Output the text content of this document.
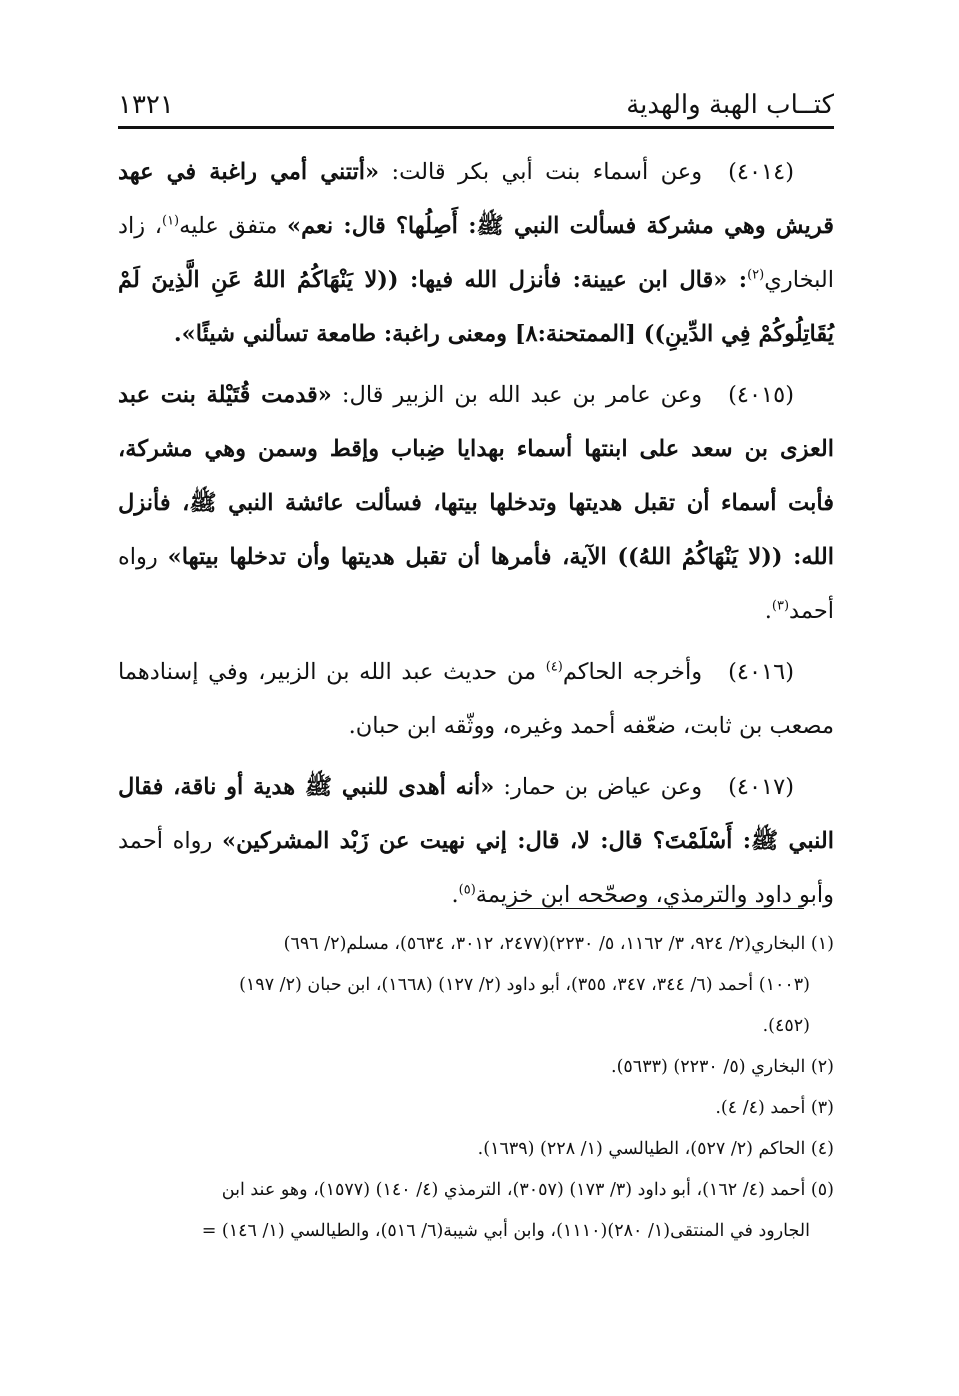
كتــاب الهبة والهدية
١٣٢١

(٤٠١٤)وعن أسماء بنت أبي بكر قالت: «أتتني أمي راغبة في عهد قريش وهي مشركة فسألت النبي ﷺ: أَصِلُها؟ قال: نعم» متفق عليه$^{(١)}$، زاد البخاري$^{(٢)}$: «قال ابن عيينة: فأنزل الله فيها: ((لا يَنْهَاكُمُ اللهُ عَنِ الَّذِينَ لَمْ يُقَاتِلُوكُمْ فِي الدِّينِ)) [الممتحنة:٨] ومعنى راغبة: طامعة تسألني شيئًا».

(٤٠١٥)وعن عامر بن عبد الله بن الزبير قال: «قدمت قُتَيْلة بنت عبد العزى بن سعد على ابنتها أسماء بهدايا ضِباب وإقط وسمن وهي مشركة، فأبت أسماء أن تقبل هديتها وتدخلها بيتها، فسألت عائشة النبي ﷺ، فأنزل الله: ((لا يَنْهَاكُمُ اللهُ)) الآية، فأمرها أن تقبل هديتها وأن تدخلها بيتها» رواه أحمد$^{(٣)}$.

(٤٠١٦)وأخرجه الحاكم$^{(٤)}$ من حديث عبد الله بن الزبير، وفي إسنادهما مصعب بن ثابت، ضعّفه أحمد وغيره، ووثّقه ابن حبان.

(٤٠١٧)وعن عياض بن حمار: «أنه أهدى للنبي ﷺ هدية أو ناقة، فقال النبي ﷺ: أَسْلَمْتَ؟ قال: لا، قال: إني نهيت عن زَبْد المشركين» رواه أحمد وأبو داود والترمذي، وصحّحه ابن خزيمة$^{(٥)}$.

(١) البخاري(٢/ ٩٢٤، ٣/ ١١٦٢، ٥/ ٢٢٣٠)(٢٤٧٧، ٣٠١٢، ٥٦٣٤)، مسلم(٢/ ٦٩٦)

(١٠٠٣) أحمد (٦/ ٣٤٤، ٣٤٧، ٣٥٥)، أبو داود (٢/ ١٢٧) (١٦٦٨)، ابن حبان (٢/ ١٩٧)

(٤٥٢).

(٢) البخاري (٥/ ٢٢٣٠) (٥٦٣٣).

(٣) أحمد (٤/ ٤).

(٤) الحاكم (٢/ ٥٢٧)، الطيالسي (١/ ٢٢٨) (١٦٣٩).

(٥) أحمد (٤/ ١٦٢)، أبو داود (٣/ ١٧٣) (٣٠٥٧)، الترمذي (٤/ ١٤٠) (١٥٧٧)، وهو عند ابن

الجارود في المنتقى(١/ ٢٨٠)(١١١٠)، وابن أبي شيبة(٦/ ٥١٦)، والطيالسي (١/ ١٤٦) =
